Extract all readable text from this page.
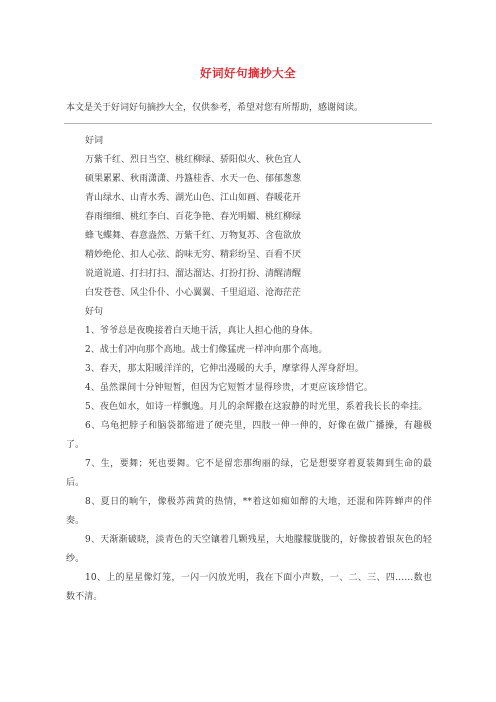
好词好句摘抄大全
本文是关于好词好句摘抄大全，仅供参考，希望对您有所帮助，感谢阅读。

好词

万紫千红、烈日当空、桃红柳绿、骄阳似火、秋色宜人

硕果累累、秋雨潇潇、丹簋桂香、水天一色、郁郁葱葱

青山绿水、山青水秀、湖光山色、江山如画、春暖花开

春雨细细、桃红李白、百花争艳、春光明媚、桃红柳绿

蜂飞蝶舞、春意盎然、万紫千红、万物复苏、含苞欲放

精妙绝伦、扣人心弦、韵味无穷、精彩纷呈、百看不厌

说道说道、打扫打扫、溜达溜达、打扮打扮、清醒清醒

白发苍苍、风尘仆仆、小心翼翼、千里迢迢、沧海茫茫

好句

1、爷爷总是夜晚接着白天地干活，真让人担心他的身体。

2、战士们冲向那个高地。战士们像猛虎一样冲向那个高地。

3、春天，那太阳暖洋洋的，它伸出漫暖的大手，摩挲得人浑身舒坦。

4、虽然课间十分钟短暂，但因为它短暂才显得珍贵，才更应该珍惜它。

5、夜色如水，如诗一样飘逸。月儿的余辉撒在这寂静的时光里，系着我长长的牵挂。

6、乌龟把脖子和脑袋都缩进了硬壳里，四肢一伸一伸的，好像在做广播操，有趣极了。

7、生，要舞；死也要舞。它不是留恋那绚丽的绿，它是想要穿着夏装舞到生命的最后。

8、夏日的晌午，像极苏茜黄的热情，**着这如痴如醉的大地，还混和阵阵蝉声的伴奏。

9、天渐渐破晓，淡青色的天空镶着几颗残星，大地朦朦胧胧的，好像披着银灰色的轻纱。

10、上的星星像灯笼，一闪一闪放光明，我在下面小声数，一、二、三、四……数也数不清。
